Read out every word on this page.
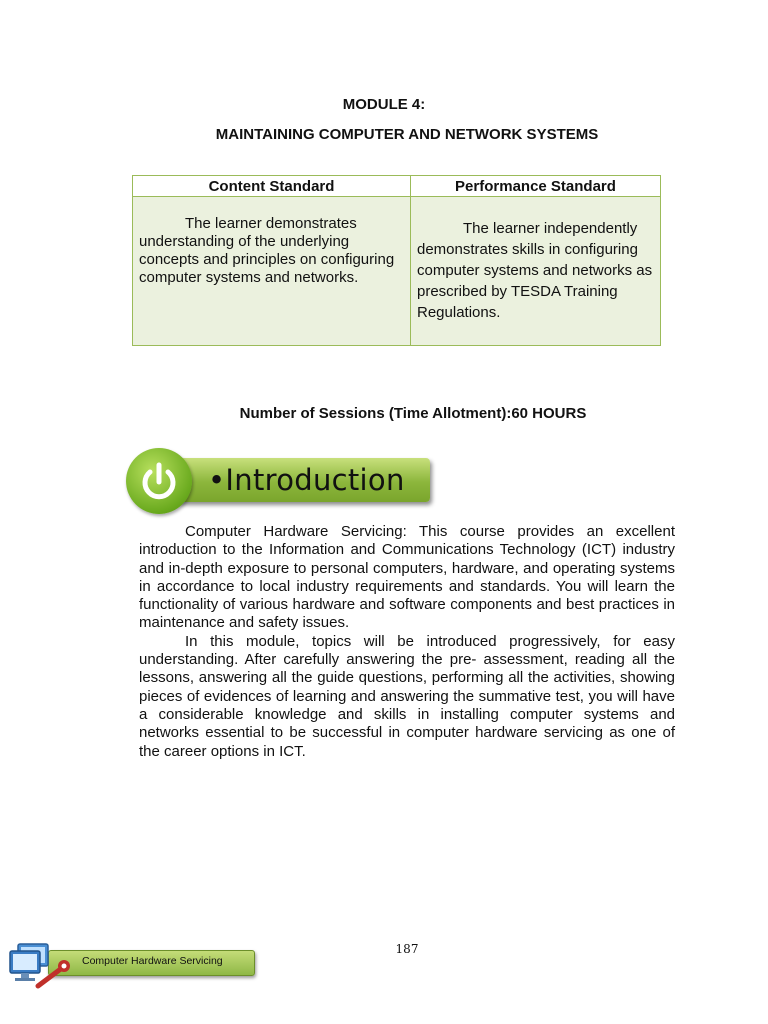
MODULE 4:
MAINTAINING COMPUTER AND NETWORK SYSTEMS
Content Standard	Performance Standard

The learner demonstrates understanding of the underlying concepts and principles on configuring computer systems and networks.	The learner independently demonstrates skills in configuring computer systems and networks as prescribed by TESDA Training Regulations.
Number of Sessions (Time Allotment):60 HOURS
•Introduction

Computer Hardware Servicing: This course provides an excellent introduction to the Information and Communications Technology (ICT) industry and in-depth exposure to personal computers, hardware, and operating systems in accordance to local industry requirements and standards. You will learn the functionality of various hardware and software components and best practices in maintenance and safety issues.

In this module, topics will be introduced progressively, for easy understanding. After carefully answering the pre- assessment, reading all the lessons, answering all the guide questions, performing all the activities, showing pieces of evidences of learning and answering the summative test, you will have a considerable knowledge and skills in installing computer systems and networks essential to be successful in computer hardware servicing as one of the career options in ICT.

187
Computer Hardware Servicing
